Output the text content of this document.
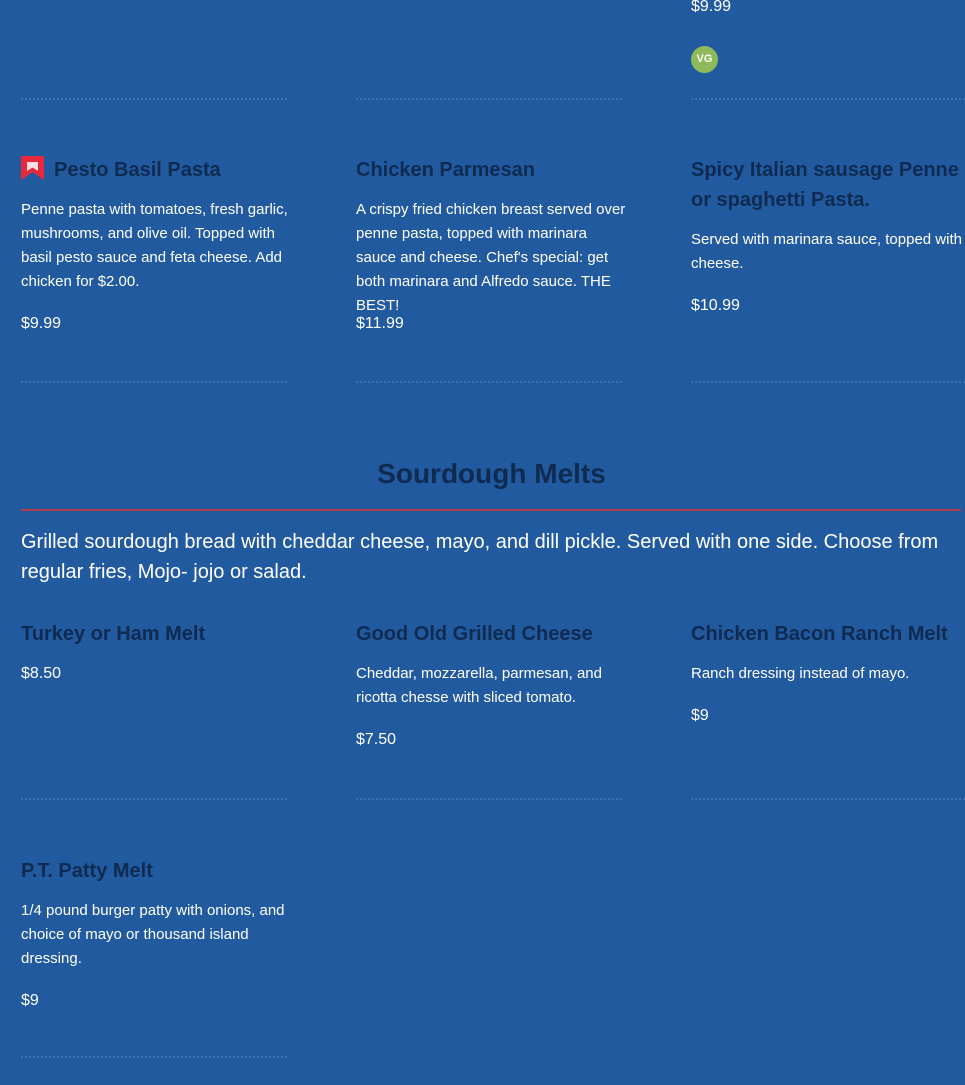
$9.99
VG
Pesto Basil Pasta

Penne pasta with tomatoes, fresh garlic, mushrooms, and olive oil. Topped with basil pesto sauce and feta cheese. Add chicken for $2.00.

$9.99
Chicken Parmesan

A crispy fried chicken breast served over penne pasta, topped with marinara sauce and cheese. Chef's special: get both marinara and Alfredo sauce. THE BEST!

$11.99
Spicy Italian sausage Penne or spaghetti Pasta.

Served with marinara sauce, topped with cheese.

$10.99
Sourdough Melts

Grilled sourdough bread with cheddar cheese, mayo, and dill pickle. Served with one side. Choose from regular fries, Mojo- jojo or salad.

Turkey or Ham Melt
$8.50
Good Old Grilled Cheese

Cheddar, mozzarella, parmesan, and ricotta chesse with sliced tomato.

$7.50
Chicken Bacon Ranch Melt

Ranch dressing instead of mayo.

$9
P.T. Patty Melt

1/4 pound burger patty with onions, and choice of mayo or thousand island dressing.

$9
